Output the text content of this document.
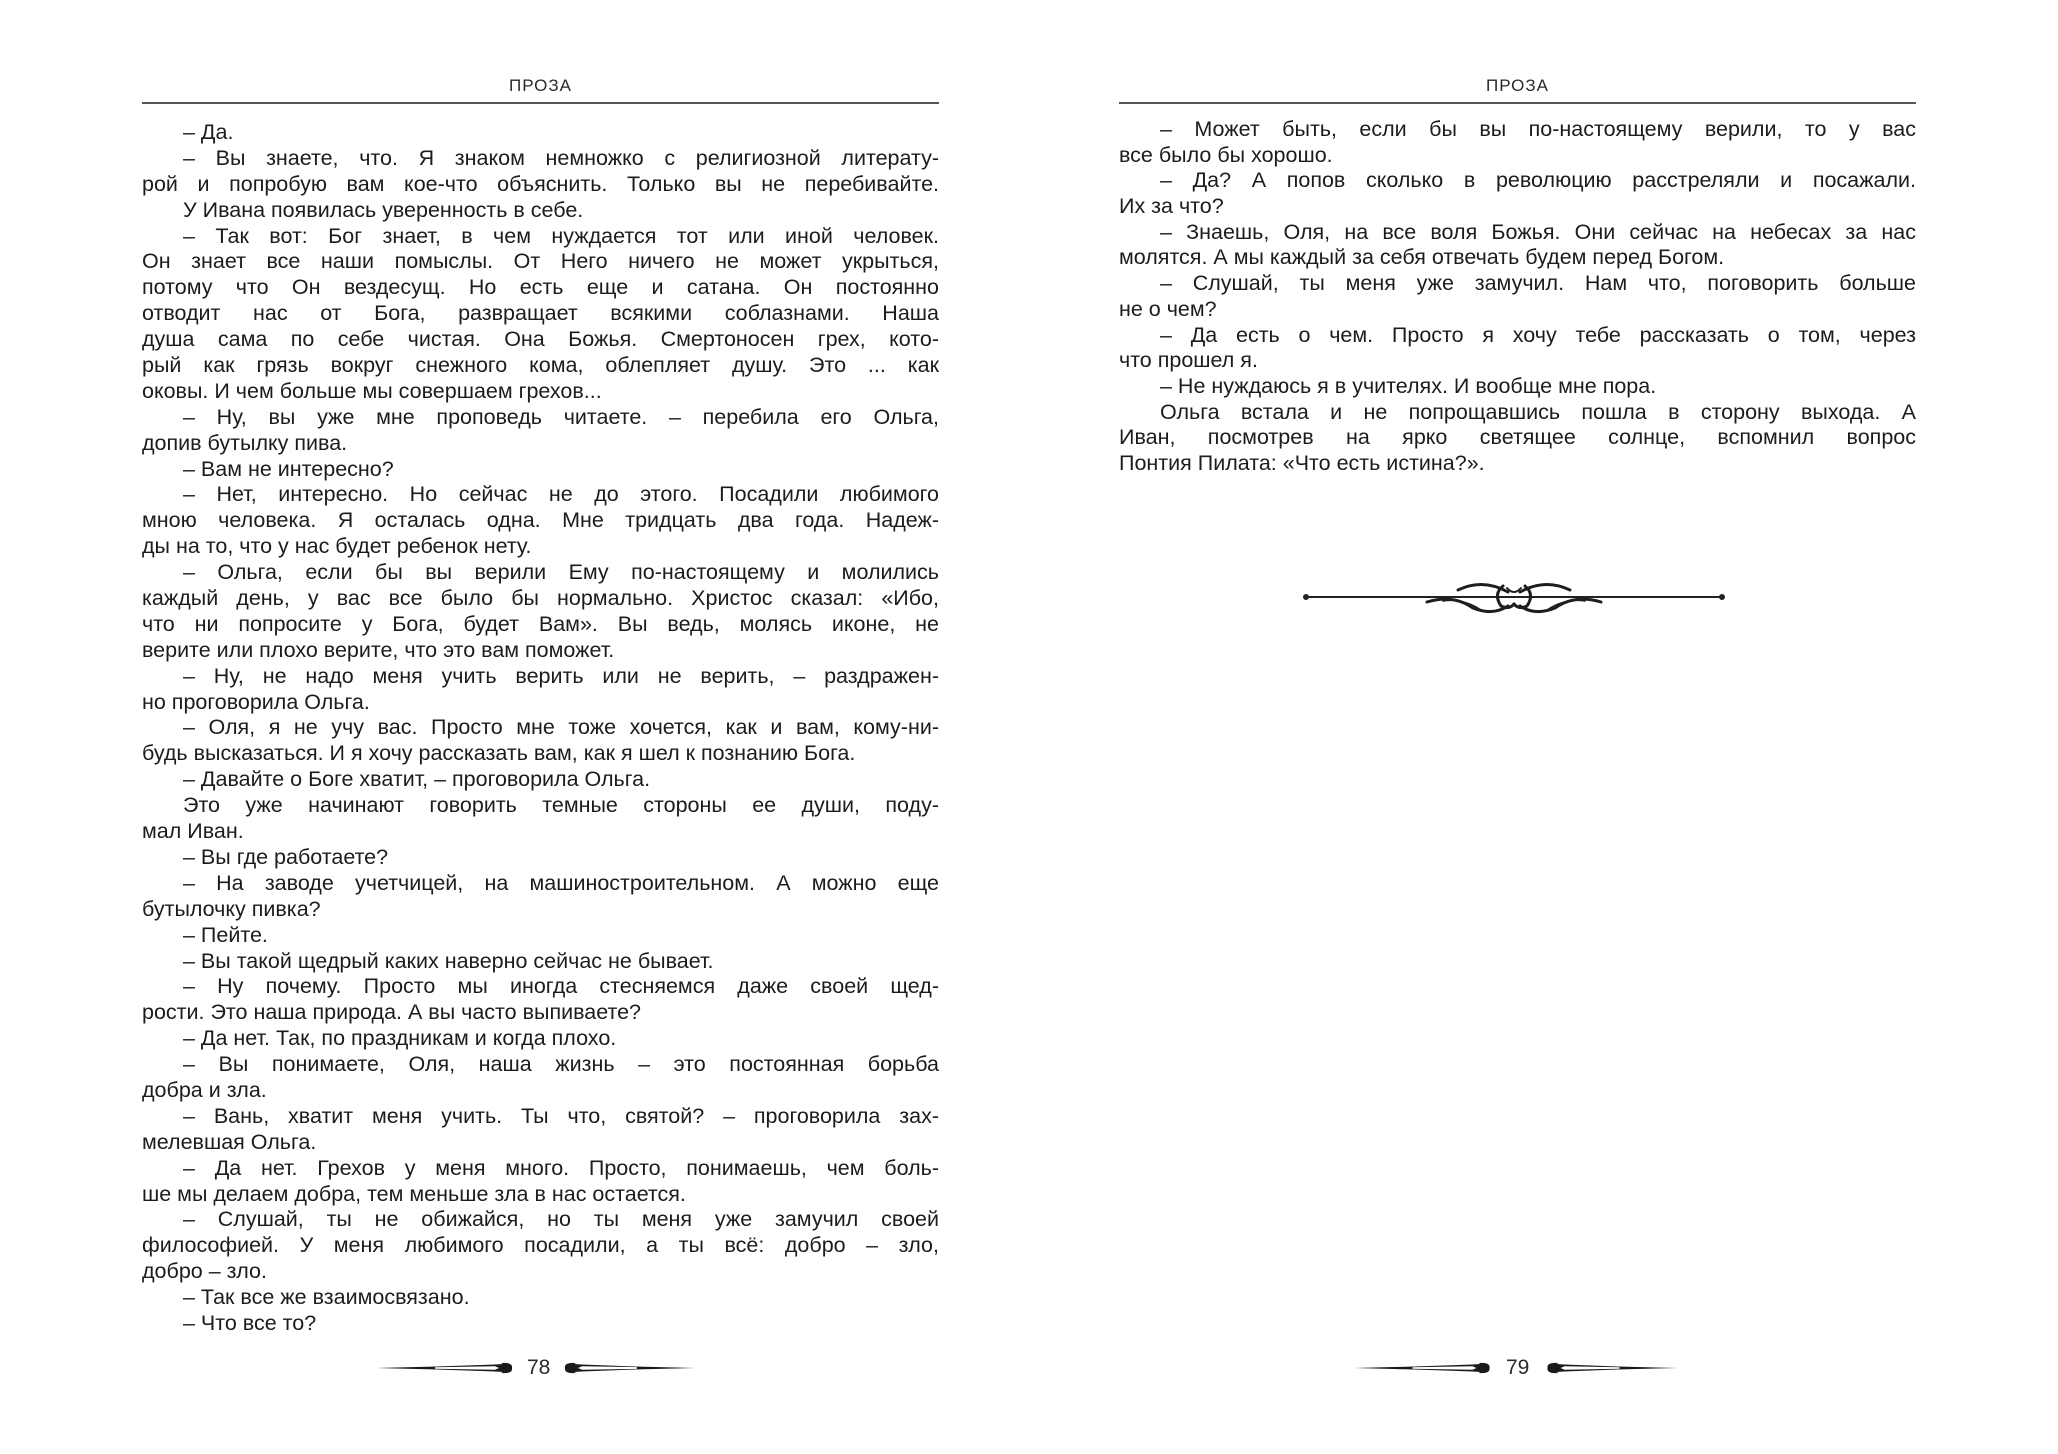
ПРОЗА
– Да.
– Вы знаете, что. Я знаком немножко с религиозной литерату-
рой и попробую вам кое-что объяснить. Только вы не перебивайте.
У Ивана появилась уверенность в себе.
– Так вот: Бог знает, в чем нуждается тот или иной человек.
Он знает все наши помыслы. От Него ничего не может укрыться,
потому что Он вездесущ. Но есть еще и сатана. Он постоянно
отводит нас от Бога, развращает всякими соблазнами. Наша
душа сама по себе чистая. Она Божья. Смертоносен грех, кото-
рый как грязь вокруг снежного кома, облепляет душу. Это ... как
оковы. И чем больше мы совершаем грехов...
– Ну, вы уже мне проповедь читаете. – перебила его Ольга,
допив бутылку пива.
– Вам не интересно?
– Нет, интересно. Но сейчас не до этого. Посадили любимого
мною человека. Я осталась одна. Мне тридцать два года. Надеж-
ды на то, что у нас будет ребенок нету.
– Ольга, если бы вы верили Ему по-настоящему и молились
каждый день, у вас все было бы нормально. Христос сказал: «Ибо,
что ни попросите у Бога, будет Вам». Вы ведь, молясь иконе, не
верите или плохо верите, что это вам поможет.
– Ну, не надо меня учить верить или не верить, – раздражен-
но проговорила Ольга.
– Оля, я не учу вас. Просто мне тоже хочется, как и вам, кому-ни-
будь высказаться. И я хочу рассказать вам, как я шел к познанию Бога.
– Давайте о Боге хватит, – проговорила Ольга.
Это уже начинают говорить темные стороны ее души, поду-
мал Иван.
– Вы где работаете?
– На заводе учетчицей, на машиностроительном. А можно еще
бутылочку пивка?
– Пейте.
– Вы такой щедрый каких наверно сейчас не бывает.
– Ну почему. Просто мы иногда стесняемся даже своей щед-
рости. Это наша природа. А вы часто выпиваете?
– Да нет. Так, по праздникам и когда плохо.
– Вы понимаете, Оля, наша жизнь – это постоянная борьба
добра и зла.
– Вань, хватит меня учить. Ты что, святой? – проговорила зах-
мелевшая Ольга.
– Да нет. Грехов у меня много. Просто, понимаешь, чем боль-
ше мы делаем добра, тем меньше зла в нас остается.
– Слушай, ты не обижайся, но ты меня уже замучил своей
философией. У меня любимого посадили, а ты всё: добро – зло,
добро – зло.
– Так все же взаимосвязано.
– Что все то?
78
ПРОЗА
– Может быть, если бы вы по-настоящему верили, то у вас
все было бы хорошо.
– Да? А попов сколько в революцию расстреляли и посажали.
Их за что?
– Знаешь, Оля, на все воля Божья. Они сейчас на небесах за нас
молятся. А мы каждый за себя отвечать будем перед Богом.
– Слушай, ты меня уже замучил. Нам что, поговорить больше
не о чем?
– Да есть о чем. Просто я хочу тебе рассказать о том, через
что прошел я.
– Не нуждаюсь я в учителях. И вообще мне пора.
Ольга встала и не попрощавшись пошла в сторону выхода. А
Иван, посмотрев на ярко светящее солнце, вспомнил вопрос
Понтия Пилата: «Что есть истина?».
79
